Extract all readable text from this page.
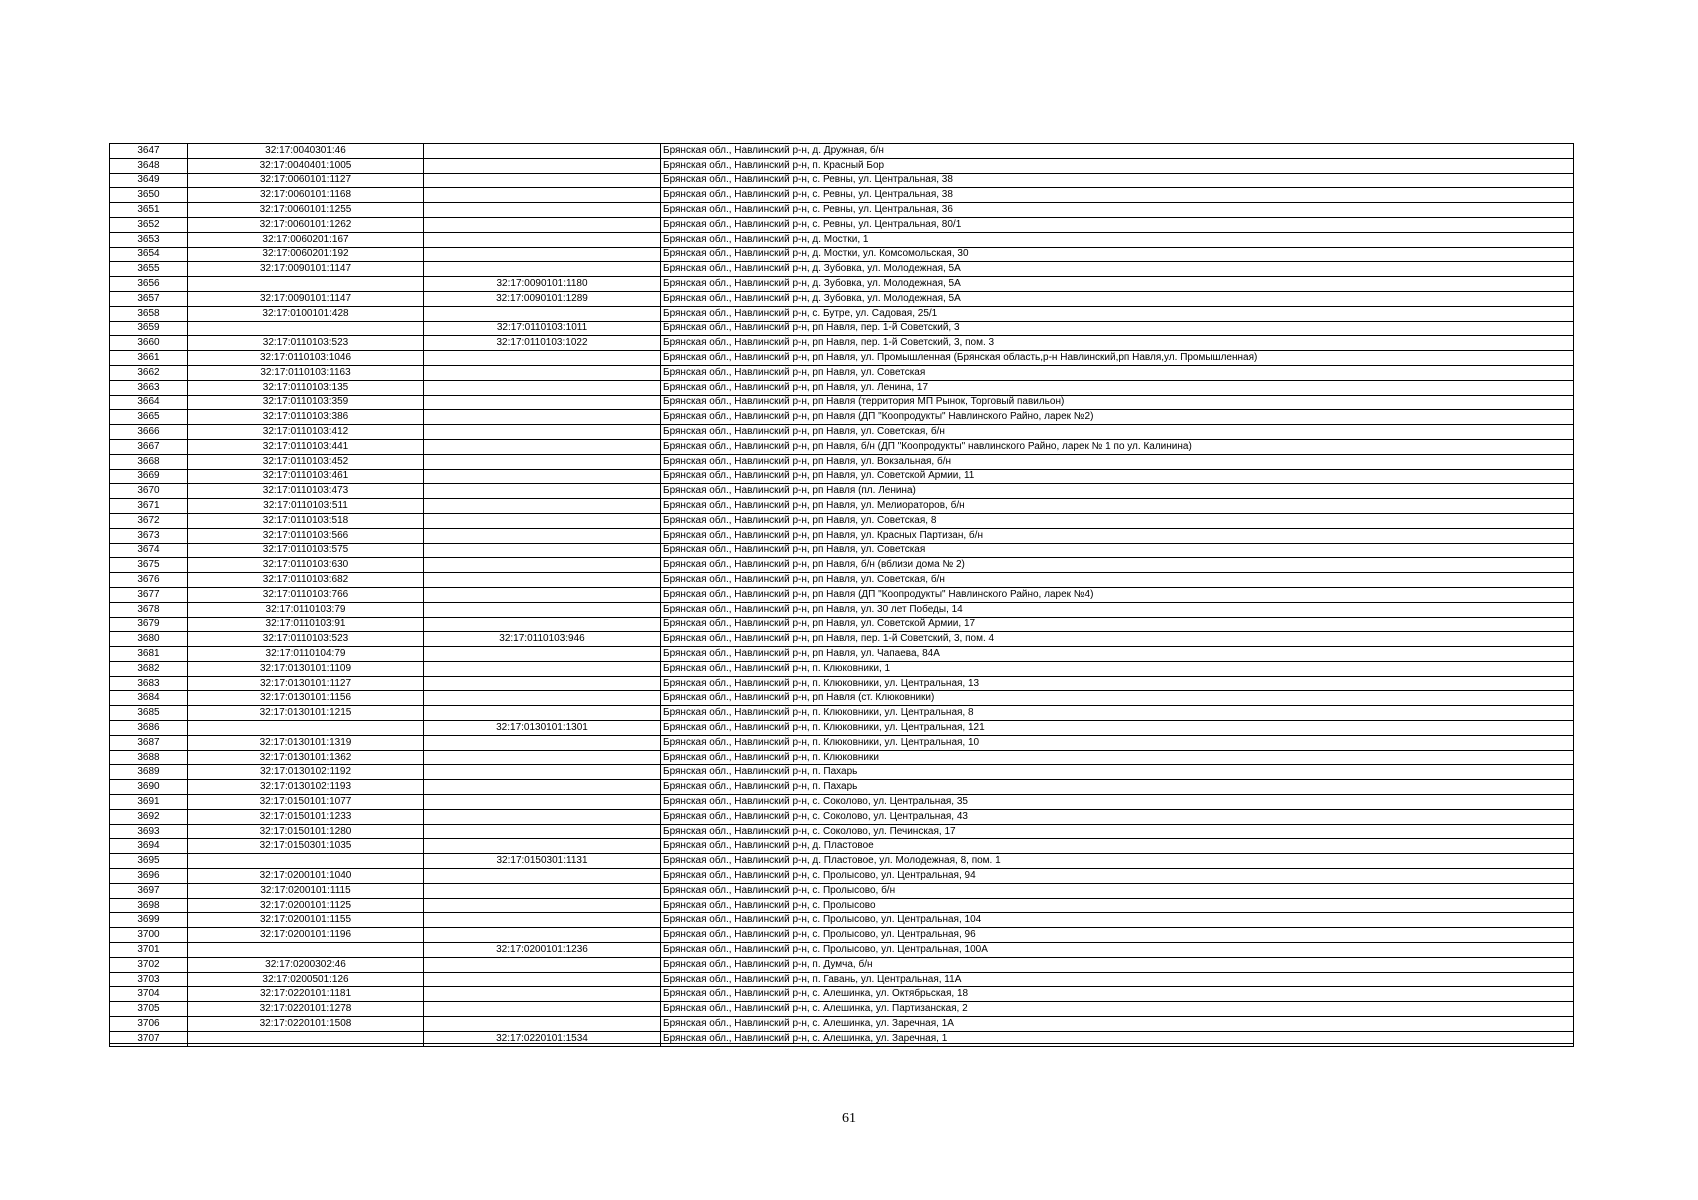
3647	32:17:0040301:46		Брянская обл., Навлинский р-н, д. Дружная, б/н
3648	32:17:0040401:1005		Брянская обл., Навлинский р-н, п. Красный Бор
3649	32:17:0060101:1127		Брянская обл., Навлинский р-н, с. Ревны, ул. Центральная, 38
3650	32:17:0060101:1168		Брянская обл., Навлинский р-н, с. Ревны, ул. Центральная, 38
3651	32:17:0060101:1255		Брянская обл., Навлинский р-н, с. Ревны, ул. Центральная, 36
3652	32:17:0060101:1262		Брянская обл., Навлинский р-н, с. Ревны, ул. Центральная, 80/1
3653	32:17:0060201:167		Брянская обл., Навлинский р-н, д. Мостки, 1
3654	32:17:0060201:192		Брянская обл., Навлинский р-н, д. Мостки, ул. Комсомольская, 30
3655	32:17:0090101:1147		Брянская обл., Навлинский р-н, д. Зубовка, ул. Молодежная, 5А
3656		32:17:0090101:1180	Брянская обл., Навлинский р-н, д. Зубовка, ул. Молодежная, 5А
3657	32:17:0090101:1147	32:17:0090101:1289	Брянская обл., Навлинский р-н, д. Зубовка, ул. Молодежная, 5А
3658	32:17:0100101:428		Брянская обл., Навлинский р-н, с. Бутре, ул. Садовая, 25/1
3659		32:17:0110103:1011	Брянская обл., Навлинский р-н, рп Навля, пер. 1-й Советский, 3
3660	32:17:0110103:523	32:17:0110103:1022	Брянская обл., Навлинский р-н, рп Навля, пер. 1-й Советский, 3, пом. 3
3661	32:17:0110103:1046		Брянская обл., Навлинский р-н, рп Навля, ул. Промышленная (Брянская область,р-н Навлинский,рп Навля,ул. Промышленная)
3662	32:17:0110103:1163		Брянская обл., Навлинский р-н, рп Навля, ул. Советская
3663	32:17:0110103:135		Брянская обл., Навлинский р-н, рп Навля, ул. Ленина, 17
3664	32:17:0110103:359		Брянская обл., Навлинский р-н, рп Навля (территория МП Рынок, Торговый павильон)
3665	32:17:0110103:386		Брянская обл., Навлинский р-н, рп Навля (ДП "Коопродукты" Навлинского Райно, ларек №2)
3666	32:17:0110103:412		Брянская обл., Навлинский р-н, рп Навля, ул. Советская, б/н
3667	32:17:0110103:441		Брянская обл., Навлинский р-н, рп Навля, б/н (ДП "Коопродукты" навлинского Райно, ларек № 1 по ул. Калинина)
3668	32:17:0110103:452		Брянская обл., Навлинский р-н, рп Навля, ул. Вокзальная, б/н
3669	32:17:0110103:461		Брянская обл., Навлинский р-н, рп Навля, ул. Советской Армии, 11
3670	32:17:0110103:473		Брянская обл., Навлинский р-н, рп Навля (пл. Ленина)
3671	32:17:0110103:511		Брянская обл., Навлинский р-н, рп Навля, ул. Мелиораторов, б/н
3672	32:17:0110103:518		Брянская обл., Навлинский р-н, рп Навля, ул. Советская, 8
3673	32:17:0110103:566		Брянская обл., Навлинский р-н, рп Навля, ул. Красных Партизан, б/н
3674	32:17:0110103:575		Брянская обл., Навлинский р-н, рп Навля, ул. Советская
3675	32:17:0110103:630		Брянская обл., Навлинский р-н, рп Навля, б/н (вблизи дома № 2)
3676	32:17:0110103:682		Брянская обл., Навлинский р-н, рп Навля, ул. Советская, б/н
3677	32:17:0110103:766		Брянская обл., Навлинский р-н, рп Навля (ДП "Коопродукты" Навлинского Райно, ларек №4)
3678	32:17:0110103:79		Брянская обл., Навлинский р-н, рп Навля, ул. 30 лет Победы, 14
3679	32:17:0110103:91		Брянская обл., Навлинский р-н, рп Навля, ул. Советской Армии, 17
3680	32:17:0110103:523	32:17:0110103:946	Брянская обл., Навлинский р-н, рп Навля, пер. 1-й Советский, 3, пом. 4
3681	32:17:0110104:79		Брянская обл., Навлинский р-н, рп Навля, ул. Чапаева, 84А
3682	32:17:0130101:1109		Брянская обл., Навлинский р-н, п. Клюковники, 1
3683	32:17:0130101:1127		Брянская обл., Навлинский р-н, п. Клюковники, ул. Центральная, 13
3684	32:17:0130101:1156		Брянская обл., Навлинский р-н, рп Навля (ст. Клюковники)
3685	32:17:0130101:1215		Брянская обл., Навлинский р-н, п. Клюковники, ул. Центральная, 8
3686		32:17:0130101:1301	Брянская обл., Навлинский р-н, п. Клюковники, ул. Центральная, 121
3687	32:17:0130101:1319		Брянская обл., Навлинский р-н, п. Клюковники, ул. Центральная, 10
3688	32:17:0130101:1362		Брянская обл., Навлинский р-н, п. Клюковники
3689	32:17:0130102:1192		Брянская обл., Навлинский р-н, п. Пахарь
3690	32:17:0130102:1193		Брянская обл., Навлинский р-н, п. Пахарь
3691	32:17:0150101:1077		Брянская обл., Навлинский р-н, с. Соколово, ул. Центральная, 35
3692	32:17:0150101:1233		Брянская обл., Навлинский р-н, с. Соколово, ул. Центральная, 43
3693	32:17:0150101:1280		Брянская обл., Навлинский р-н, с. Соколово, ул. Печинская, 17
3694	32:17:0150301:1035		Брянская обл., Навлинский р-н, д. Пластовое
3695		32:17:0150301:1131	Брянская обл., Навлинский р-н, д. Пластовое, ул. Молодежная, 8, пом. 1
3696	32:17:0200101:1040		Брянская обл., Навлинский р-н, с. Пролысово, ул. Центральная, 94
3697	32:17:0200101:1115		Брянская обл., Навлинский р-н, с. Пролысово, б/н
3698	32:17:0200101:1125		Брянская обл., Навлинский р-н, с. Пролысово
3699	32:17:0200101:1155		Брянская обл., Навлинский р-н, с. Пролысово, ул. Центральная, 104
3700	32:17:0200101:1196		Брянская обл., Навлинский р-н, с. Пролысово, ул. Центральная, 96
3701		32:17:0200101:1236	Брянская обл., Навлинский р-н, с. Пролысово, ул. Центральная, 100А
3702	32:17:0200302:46		Брянская обл., Навлинский р-н, п. Думча, б/н
3703	32:17:0200501:126		Брянская обл., Навлинский р-н, п. Гавань, ул. Центральная, 11А
3704	32:17:0220101:1181		Брянская обл., Навлинский р-н, с. Алешинка, ул. Октябрьская, 18
3705	32:17:0220101:1278		Брянская обл., Навлинский р-н, с. Алешинка, ул. Партизанская, 2
3706	32:17:0220101:1508		Брянская обл., Навлинский р-н, с. Алешинка, ул. Заречная, 1А
3707		32:17:0220101:1534	Брянская обл., Навлинский р-н, с. Алешинка, ул. Заречная, 1
61
